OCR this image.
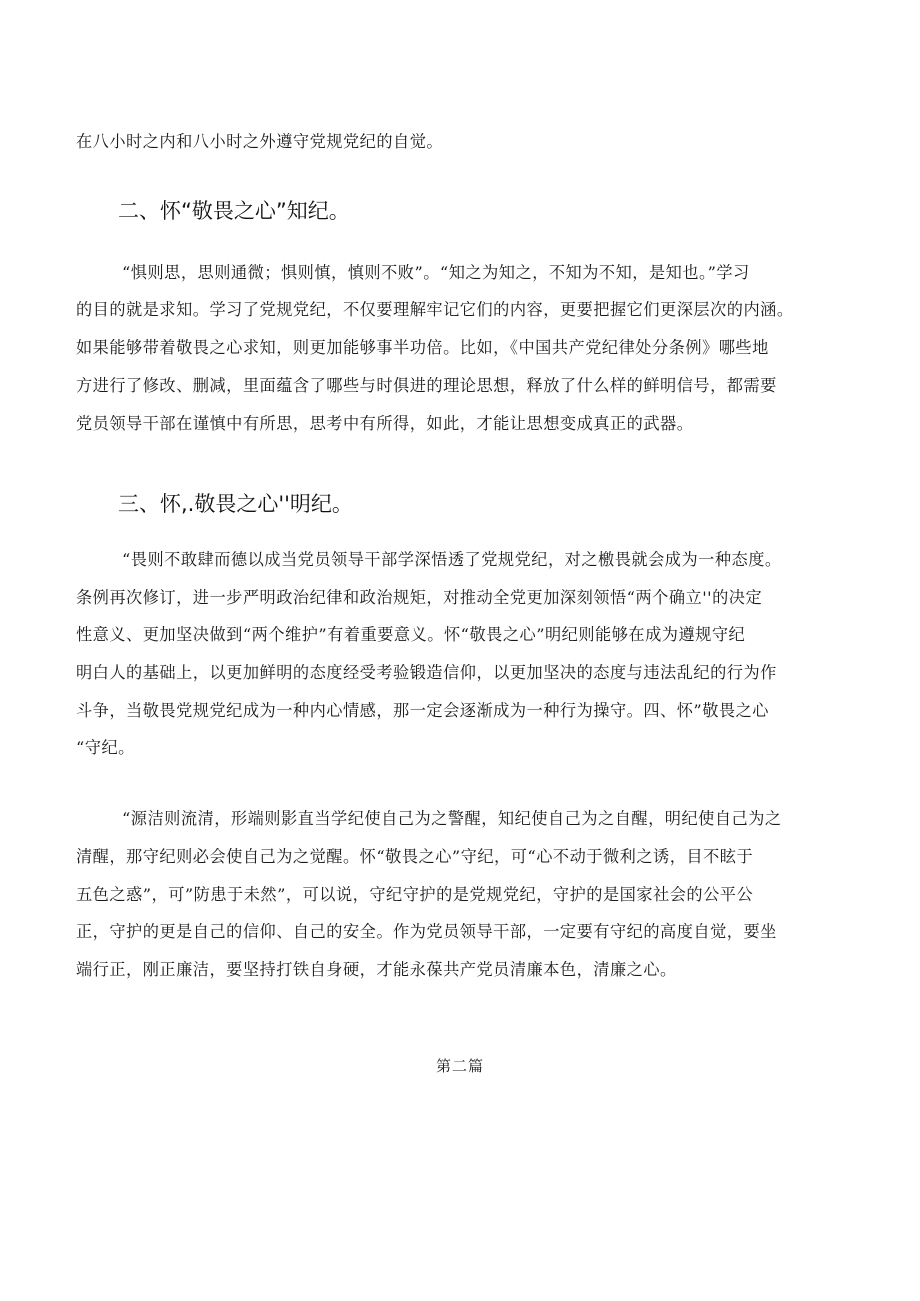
在八小时之内和八小时之外遵守党规党纪的自觉。
二、怀“敬畏之心”知纪。
“惧则思，思则通微；惧则慎，慎则不败”。“知之为知之，不知为不知，是知也。”学习
的目的就是求知。学习了党规党纪，不仅要理解牢记它们的内容，更要把握它们更深层次的内涵。
如果能够带着敬畏之心求知，则更加能够事半功倍。比如，《中国共产党纪律处分条例》哪些地
方进行了修改、删减，里面蕴含了哪些与时俱进的理论思想，释放了什么样的鲜明信号，都需要
党员领导干部在谨慎中有所思，思考中有所得，如此，才能让思想变成真正的武器。
三、怀,.敬畏之心''明纪。
“畏则不敢肆而德以成当党员领导干部学深悟透了党规党纪，对之檄畏就会成为一种态度。
条例再次修订，进一步严明政治纪律和政治规矩，对推动全党更加深刻领悟“两个确立''的决定
性意义、更加坚决做到“两个维护”有着重要意义。怀“敬畏之心”明纪则能够在成为遵规守纪
明白人的基础上，以更加鲜明的态度经受考验锻造信仰，以更加坚决的态度与违法乱纪的行为作
斗争，当敬畏党规党纪成为一种内心情感，那一定会逐渐成为一种行为操守。四、怀”敬畏之心
“守纪。
“源洁则流清，形端则影直当学纪使自己为之警醒，知纪使自己为之自醒，明纪使自己为之
清醒，那守纪则必会使自己为之觉醒。怀“敬畏之心”守纪，可“心不动于微利之诱，目不眩于
五色之惑”，可”防患于未然”，可以说，守纪守护的是党规党纪，守护的是国家社会的公平公
正，守护的更是自己的信仰、自己的安全。作为党员领导干部，一定要有守纪的高度自觉，要坐
端行正，刚正廉洁，要坚持打铁自身硬，才能永葆共产党员清廉本色，清廉之心。
第二篇
